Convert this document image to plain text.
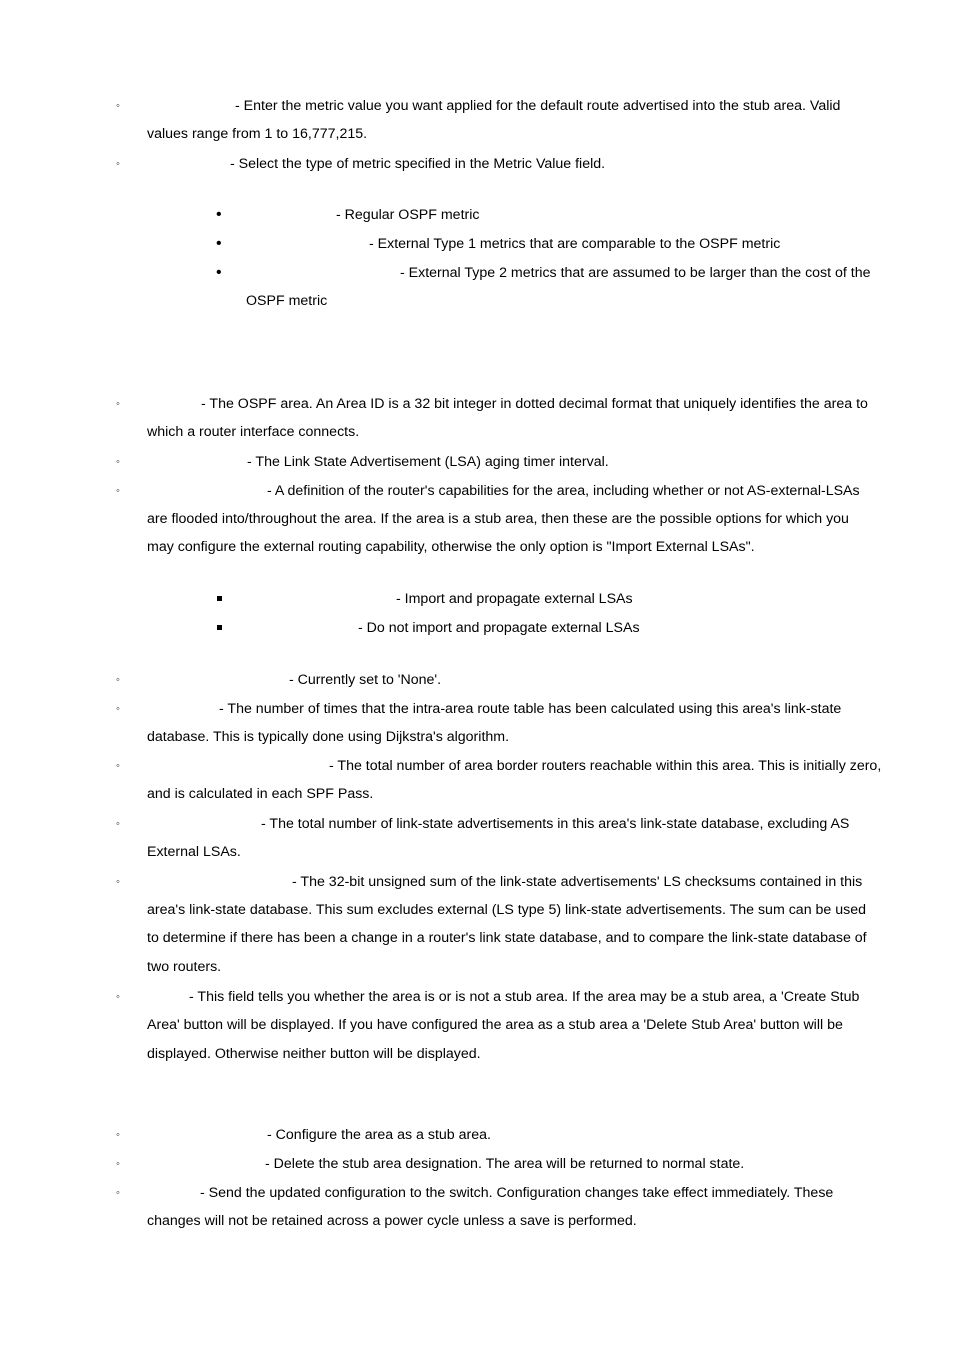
◦	- Enter the metric value you want applied for the default route advertised into the stub area. Valid
values range from 1 to 16,777,215.
◦	- Select the type of metric specified in the Metric Value field.
•	- Regular OSPF metric
•	- External Type 1 metrics that are comparable to the OSPF metric
•	- External Type 2 metrics that are assumed to be larger than the cost of the
OSPF metric
◦	- The OSPF area. An Area ID is a 32 bit integer in dotted decimal format that uniquely identifies the area to
which a router interface connects.
◦	- The Link State Advertisement (LSA) aging timer interval.
◦	- A definition of the router's capabilities for the area, including whether or not AS-external-LSAs
are flooded into/throughout the area. If the area is a stub area, then these are the possible options for which you
may configure the external routing capability, otherwise the only option is "Import External LSAs".
- Import and propagate external LSAs
- Do not import and propagate external LSAs
◦	- Currently set to 'None'.
◦	- The number of times that the intra-area route table has been calculated using this area's link-state
database. This is typically done using Dijkstra's algorithm.
◦	- The total number of area border routers reachable within this area. This is initially zero,
and is calculated in each SPF Pass.
◦	- The total number of link-state advertisements in this area's link-state database, excluding AS
External LSAs.
◦	- The 32-bit unsigned sum of the link-state advertisements' LS checksums contained in this
area's link-state database. This sum excludes external (LS type 5) link-state advertisements. The sum can be used
to determine if there has been a change in a router's link state database, and to compare the link-state database of
two routers.
◦	- This field tells you whether the area is or is not a stub area. If the area may be a stub area, a 'Create Stub
Area' button will be displayed. If you have configured the area as a stub area a 'Delete Stub Area' button will be
displayed. Otherwise neither button will be displayed.
◦	- Configure the area as a stub area.
◦	- Delete the stub area designation. The area will be returned to normal state.
◦	- Send the updated configuration to the switch. Configuration changes take effect immediately. These
changes will not be retained across a power cycle unless a save is performed.
